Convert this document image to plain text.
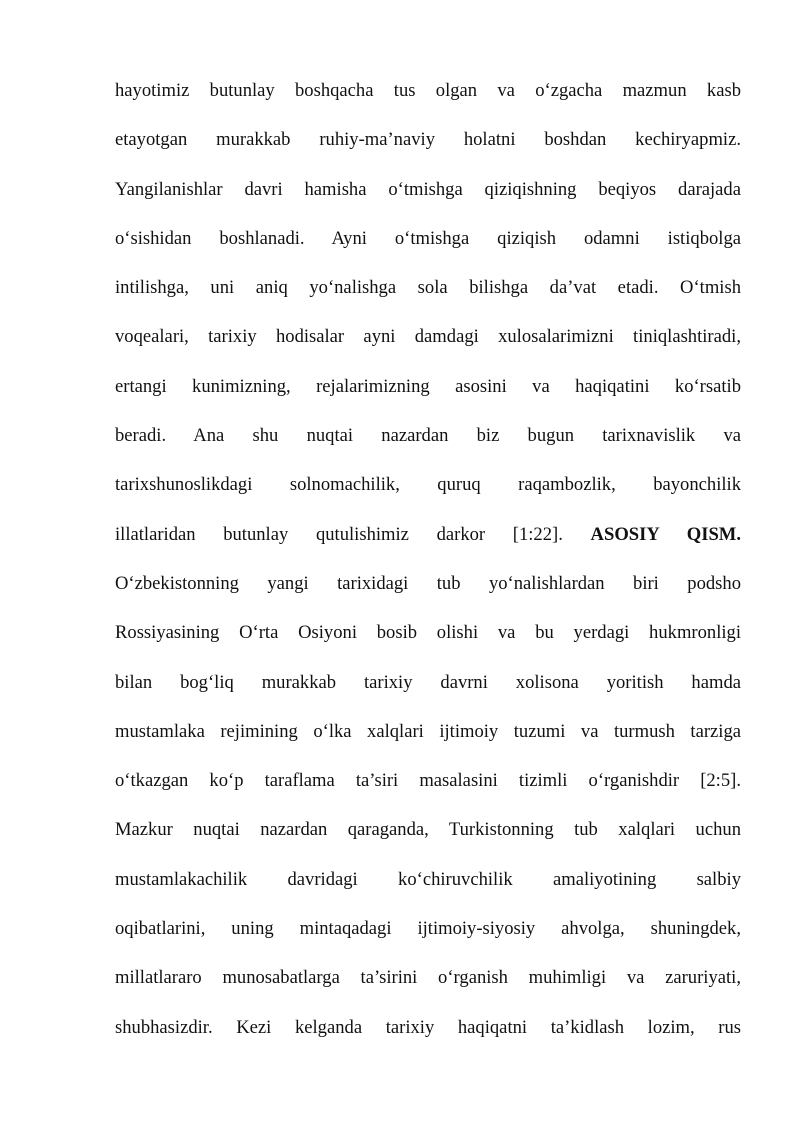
hayotimiz butunlay boshqacha tus olgan va o‘zgacha mazmun kasb
etayotgan murakkab ruhiy-ma’naviy holatni boshdan kechiryapmiz.
Yangilanishlar davri hamisha o‘tmishga qiziqishning beqiyos darajada
o‘sishidan boshlanadi. Ayni o‘tmishga qiziqish odamni istiqbolga
intilishga, uni aniq yo‘nalishga sola bilishga da’vat etadi. O‘tmish
voqealari, tarixiy hodisalar ayni damdagi xulosalarimizni tiniqlashtiradi,
ertangi kunimizning, rejalarimizning asosini va haqiqatini ko‘rsatib
beradi. Ana shu nuqtai nazardan biz bugun tarixnavislik va
tarixshunoslikdagi solnomachilik, quruq raqambozlik, bayonchilik
illatlaridan butunlay qutulishimiz darkor [1:22]. ASOSIY QISM.
O‘zbekistonning yangi tarixidagi tub yo‘nalishlardan biri podsho
Rossiyasining O‘rta Osiyoni bosib olishi va bu yerdagi hukmronligi
bilan bog‘liq murakkab tarixiy davrni xolisona yoritish hamda
mustamlaka rejimining o‘lka xalqlari ijtimoiy tuzumi va turmush tarziga
o‘tkazgan ko‘p taraflama ta’siri masalasini tizimli o‘rganishdir [2:5].
Mazkur nuqtai nazardan qaraganda, Turkistonning tub xalqlari uchun
mustamlakachilik davridagi ko‘chiruvchilik amaliyotining salbiy
oqibatlarini, uning mintaqadagi ijtimoiy-siyosiy ahvolga, shuningdek,
millatlararo munosabatlarga ta’sirini o‘rganish muhimligi va zaruriyati,
shubhasizdir. Kezi kelganda tarixiy haqiqatni ta’kidlash lozim, rus
